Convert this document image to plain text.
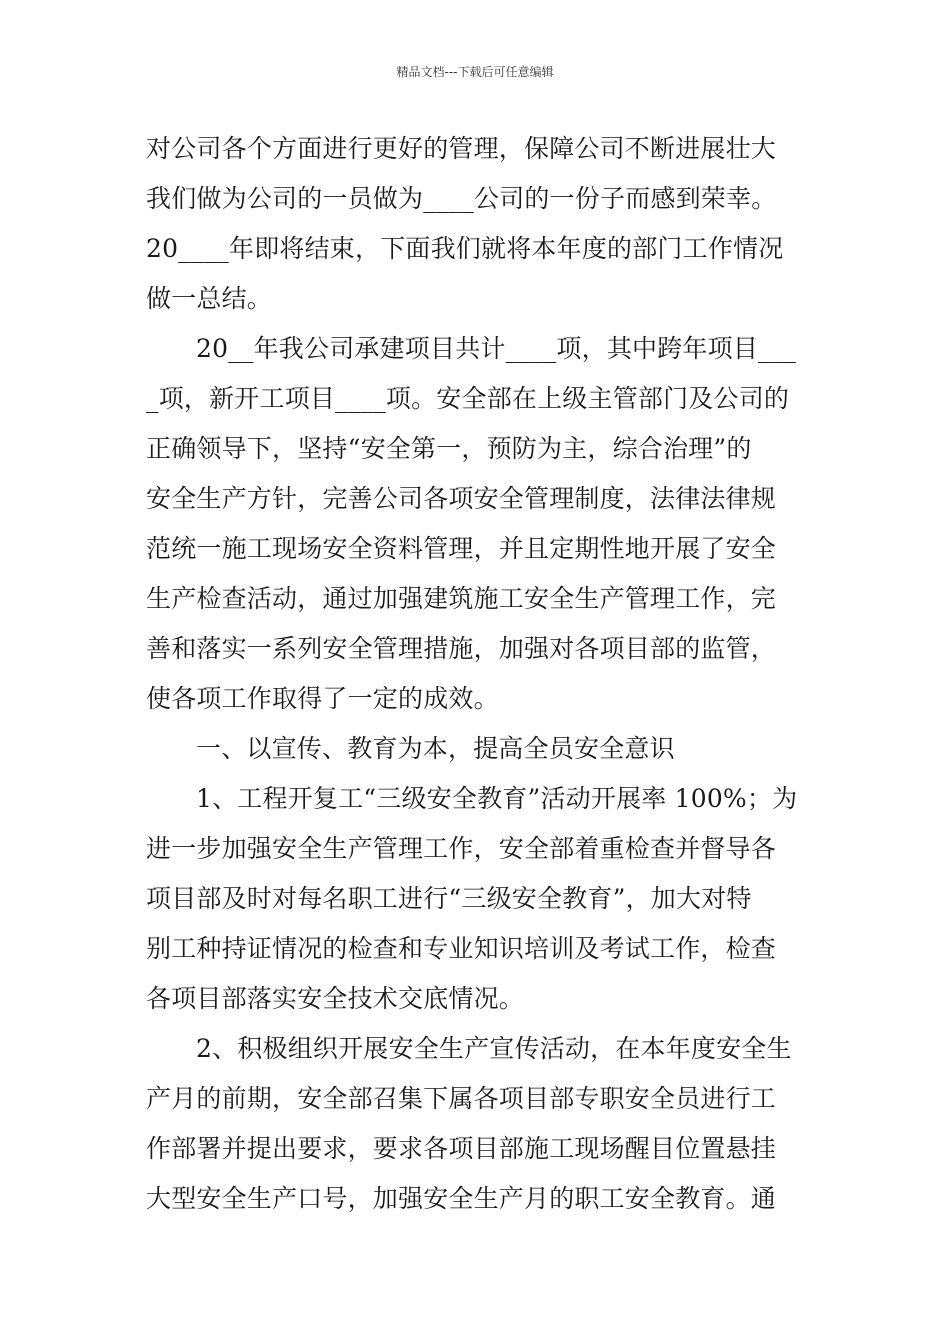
精品文档---下载后可任意编辑
对公司各个方面进行更好的管理，保障公司不断进展壮大
我们做为公司的一员做为____公司的一份子而感到荣幸。
20____年即将结束，下面我们就将本年度的部门工作情况
做一总结。
20__年我公司承建项目共计____项，其中跨年项目___
_项，新开工项目____项。安全部在上级主管部门及公司的
正确领导下，坚持“安全第一，预防为主，综合治理”的
安全生产方针，完善公司各项安全管理制度，法律法律规
范统一施工现场安全资料管理，并且定期性地开展了安全
生产检查活动，通过加强建筑施工安全生产管理工作，完
善和落实一系列安全管理措施，加强对各项目部的监管，
使各项工作取得了一定的成效。
一、以宣传、教育为本，提高全员安全意识
1、工程开复工“三级安全教育”活动开展率 100%；为
进一步加强安全生产管理工作，安全部着重检查并督导各
项目部及时对每名职工进行“三级安全教育”，加大对特
别工种持证情况的检查和专业知识培训及考试工作，检查
各项目部落实安全技术交底情况。
2、积极组织开展安全生产宣传活动，在本年度安全生
产月的前期，安全部召集下属各项目部专职安全员进行工
作部署并提出要求，要求各项目部施工现场醒目位置悬挂
大型安全生产口号，加强安全生产月的职工安全教育。通
